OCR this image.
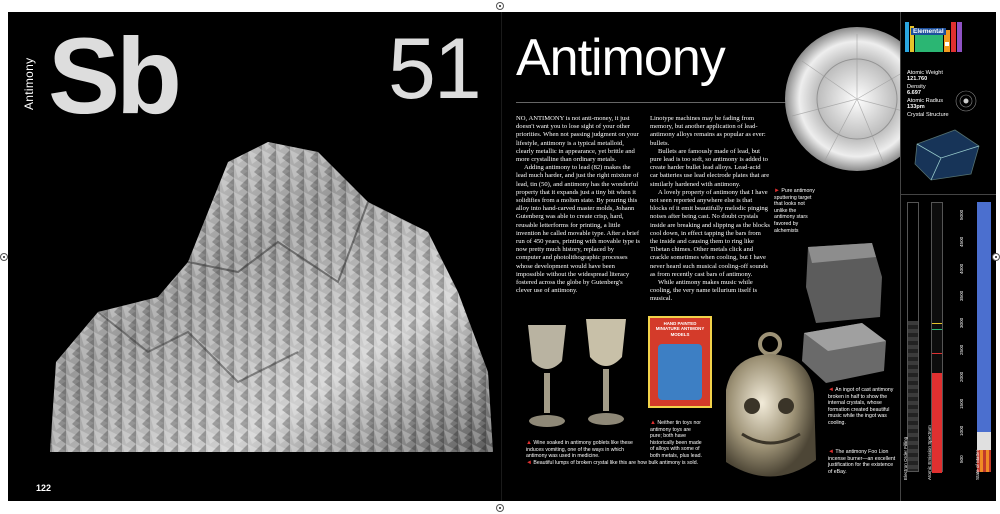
Antimony Sb 51
122
Antimony

NO, ANTIMONY is not anti-money, it just doesn't want you to lose sight of your other priorities. When not passing judgment on your lifestyle, antimony is a typical metalloid, clearly metallic in appearance, yet brittle and more crystalline than ordinary metals.

Adding antimony to lead (82) makes the lead much harder, and just the right mixture of lead, tin (50), and antimony has the wonderful property that it expands just a tiny bit when it solidifies from a molten state. By pouring this alloy into hand-carved master molds, Johann Gutenberg was able to create crisp, hard, reusable letterforms for printing, a little invention he called movable type. After a brief run of 450 years, printing with movable type is now pretty much history, replaced by computer and photolithographic processes whose development would have been impossible without the widespread literacy fostered across the globe by Gutenberg's clever use of antimony.

Linotype machines may be fading from memory, but another application of lead-antimony alloys remains as popular as ever: bullets.

Bullets are famously made of lead, but pure lead is too soft, so antimony is added to create harder bullet lead alloys. Lead-acid car batteries use lead electrode plates that are similarly hardened with antimony.

A lovely property of antimony that I have not seen reported anywhere else is that blocks of it emit beautifully melodic pinging noises after being cast. No doubt crystals inside are breaking and slipping as the blocks cool down, in effect tapping the bars from the inside and causing them to ring like Tibetan chimes. Other metals click and crackle sometimes when cooling, but I have never heard such musical cooling-off sounds as from recently cast bars of antimony.

While antimony makes music while cooling, the very name tellurium itself is musical.

► Pure antimony sputtering target that looks not unlike the antimony stars favored by alchemists
◄ An ingot of cast antimony broken in half to show the internal crystals, whose formation created beautiful music while the ingot was cooling.
▲ Wine soaked in antimony goblets like these induces vomiting, one of the ways in which antimony was used in medicine.
◄ Beautiful lumps of broken crystal like this are how bulk antimony is sold.
HAND PAINTED MINIATURE ANTIMONY MODELS
▲ Neither tin toys nor antimony toys are pure; both have historically been made of alloys with some of both metals, plus lead.
◄ The antimony Foo Lion incense burner—an excellent justification for the existence of eBay.
Elemental
Atomic Weight
121.760
Density
6.697
Atomic Radius
133pm
Crystal Structure
Electron Order Filling	Atomic Emission Spectrum
5000
4500
4000
3500
3000
2500
2000
1500
1000
500 State of Matter
